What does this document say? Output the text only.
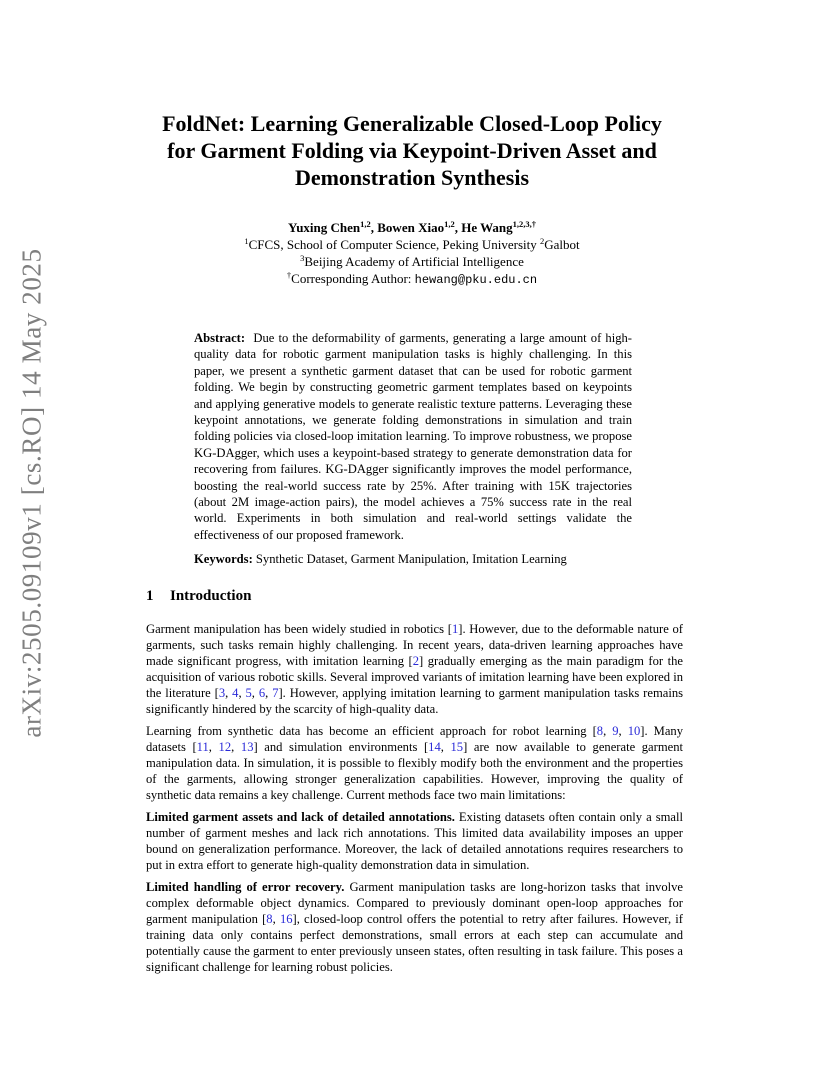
arXiv:2505.09109v1 [cs.RO] 14 May 2025
FoldNet: Learning Generalizable Closed-Loop Policy
for Garment Folding via Keypoint-Driven Asset and
Demonstration Synthesis
Yuxing Chen$^{1,2}$, Bowen Xiao$^{1,2}$, He Wang$^{1,2,3,\dagger}$
$^1$CFCS, School of Computer Science, Peking University $^2$Galbot
$^3$Beijing Academy of Artificial Intelligence
†Corresponding Author: hewang@pku.edu.cn
Abstract: Due to the deformability of garments, generating a large amount of high-quality data for robotic garment manipulation tasks is highly challenging. In this paper, we present a synthetic garment dataset that can be used for robotic garment folding. We begin by constructing geometric garment templates based on keypoints and applying generative models to generate realistic texture patterns. Leveraging these keypoint annotations, we generate folding demonstrations in simulation and train folding policies via closed-loop imitation learning. To improve robustness, we propose KG-DAgger, which uses a keypoint-based strategy to generate demonstration data for recovering from failures. KG-DAgger significantly improves the model performance, boosting the real-world success rate by 25%. After training with 15K trajectories (about 2M image-action pairs), the model achieves a 75% success rate in the real world. Experiments in both simulation and real-world settings validate the effectiveness of our proposed framework.
Keywords: Synthetic Dataset, Garment Manipulation, Imitation Learning
1 Introduction

Garment manipulation has been widely studied in robotics [1]. However, due to the deformable nature of garments, such tasks remain highly challenging. In recent years, data-driven learning approaches have made significant progress, with imitation learning [2] gradually emerging as the main paradigm for the acquisition of various robotic skills. Several improved variants of imitation learning have been explored in the literature [3, 4, 5, 6, 7]. However, applying imitation learning to garment manipulation tasks remains significantly hindered by the scarcity of high-quality data.

Learning from synthetic data has become an efficient approach for robot learning [8, 9, 10]. Many datasets [11, 12, 13] and simulation environments [14, 15] are now available to generate garment manipulation data. In simulation, it is possible to flexibly modify both the environment and the properties of the garments, allowing stronger generalization capabilities. However, improving the quality of synthetic data remains a key challenge. Current methods face two main limitations:

Limited garment assets and lack of detailed annotations. Existing datasets often contain only a small number of garment meshes and lack rich annotations. This limited data availability imposes an upper bound on generalization performance. Moreover, the lack of detailed annotations requires researchers to put in extra effort to generate high-quality demonstration data in simulation.

Limited handling of error recovery. Garment manipulation tasks are long-horizon tasks that involve complex deformable object dynamics. Compared to previously dominant open-loop approaches for garment manipulation [8, 16], closed-loop control offers the potential to retry after failures. However, if training data only contains perfect demonstrations, small errors at each step can accumulate and potentially cause the garment to enter previously unseen states, often resulting in task failure. This poses a significant challenge for learning robust policies.
